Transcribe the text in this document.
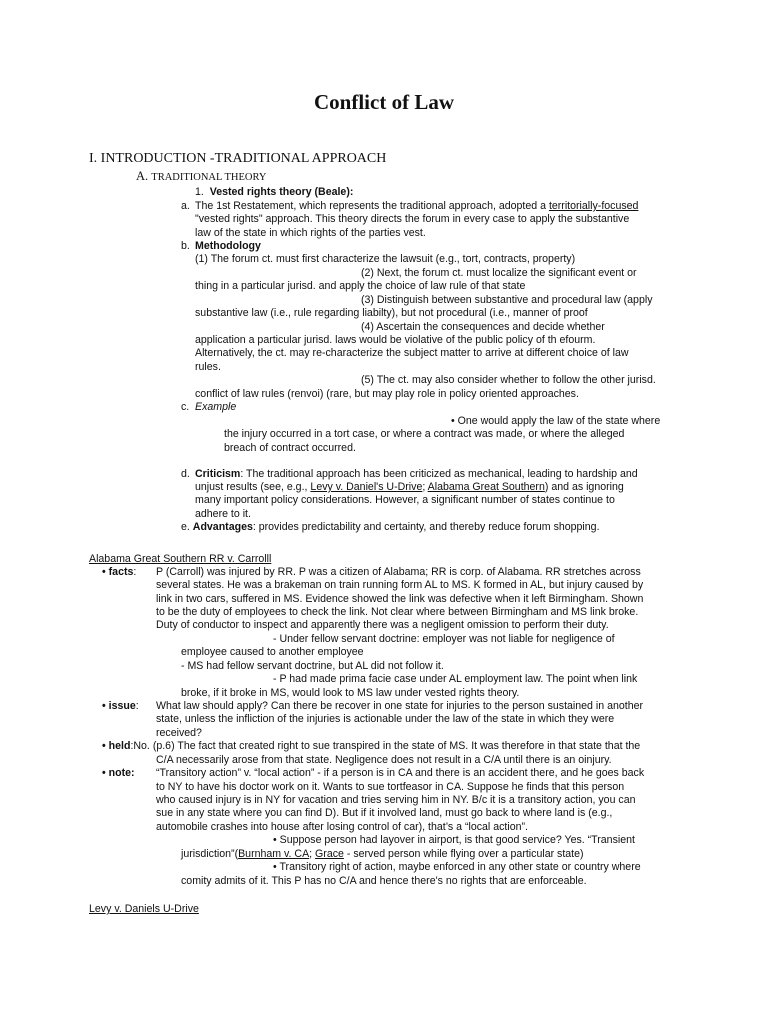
Conflict of Law
I. INTRODUCTION -TRADITIONAL APPROACH
A. TRADITIONAL THEORY
1. Vested rights theory (Beale):
a. The 1st Restatement, which represents the traditional approach, adopted a territorially-focused
"vested rights" approach. This theory directs the forum in every case to apply the substantive
law of the state in which rights of the parties vest.
b. Methodology
(1) The forum ct. must first characterize the lawsuit (e.g., tort, contracts, property)
(2) Next, the forum ct. must localize the significant event or
thing in a particular jurisd. and apply the choice of law rule of that state
(3) Distinguish between substantive and procedural law (apply
substantive law (i.e., rule regarding liabilty), but not procedural (i.e., manner of proof
(4) Ascertain the consequences and decide whether
application a particular jurisd. laws would be violative of the public policy of th efourm.
Alternatively, the ct. may re-characterize the subject matter to arrive at different choice of law
rules.
(5) The ct. may also consider whether to follow the other jurisd.
conflict of law rules (renvoi) (rare, but may play role in policy oriented approaches.
c. Example
• One would apply the law of the state where
the injury occurred in a tort case, or where a contract was made, or where the alleged
breach of contract occurred.
d. Criticism: The traditional approach has been criticized as mechanical, leading to hardship and
unjust results (see, e.g., Levy v. Daniel's U-Drive; Alabama Great Southern) and as ignoring
many important policy considerations. However, a significant number of states continue to
adhere to it.
e. Advantages: provides predictability and certainty, and thereby reduce forum shopping.
Alabama Great Southern RR v. Carrolll
• facts: P (Carroll) was injured by RR. P was a citizen of Alabama; RR is corp. of Alabama. RR stretches across
several states. He was a brakeman on train running form AL to MS. K formed in AL, but injury caused by
link in two cars, suffered in MS. Evidence showed the link was defective when it left Birmingham. Shown
to be the duty of employees to check the link. Not clear where between Birmingham and MS link broke.
Duty of conductor to inspect and apparently there was a negligent omission to perform their duty.
- Under fellow servant doctrine: employer was not liable for negligence of
employee caused to another employee
- MS had fellow servant doctrine, but AL did not follow it.
- P had made prima facie case under AL employment law. The point when link
broke, if it broke in MS, would look to MS law under vested rights theory.
• issue: What law should apply? Can there be recover in one state for injuries to the person sustained in another
state, unless the infliction of the injuries is actionable under the law of the state in which they were
received?
• held:No. (p.6) The fact that created right to sue transpired in the state of MS. It was therefore in that state that the
C/A necessarily arose from that state. Negligence does not result in a C/A until there is an oinjury.
• note: “Transitory action” v. “local action” - if a person is in CA and there is an accident there, and he goes back
to NY to have his doctor work on it. Wants to sue tortfeasor in CA. Suppose he finds that this person
who caused injury is in NY for vacation and tries serving him in NY. B/c it is a transitory action, you can
sue in any state where you can find D). But if it involved land, must go back to where land is (e.g.,
automobile crashes into house after losing control of car), that’s a “local action”.
• Suppose person had layover in airport, is that good service? Yes. “Transient
jurisdiction”(Burnham v. CA; Grace - served person while flying over a particular state)
• Transitory right of action, maybe enforced in any other state or country where
comity admits of it. This P has no C/A and hence there's no rights that are enforceable.
Levy v. Daniels U-Drive
